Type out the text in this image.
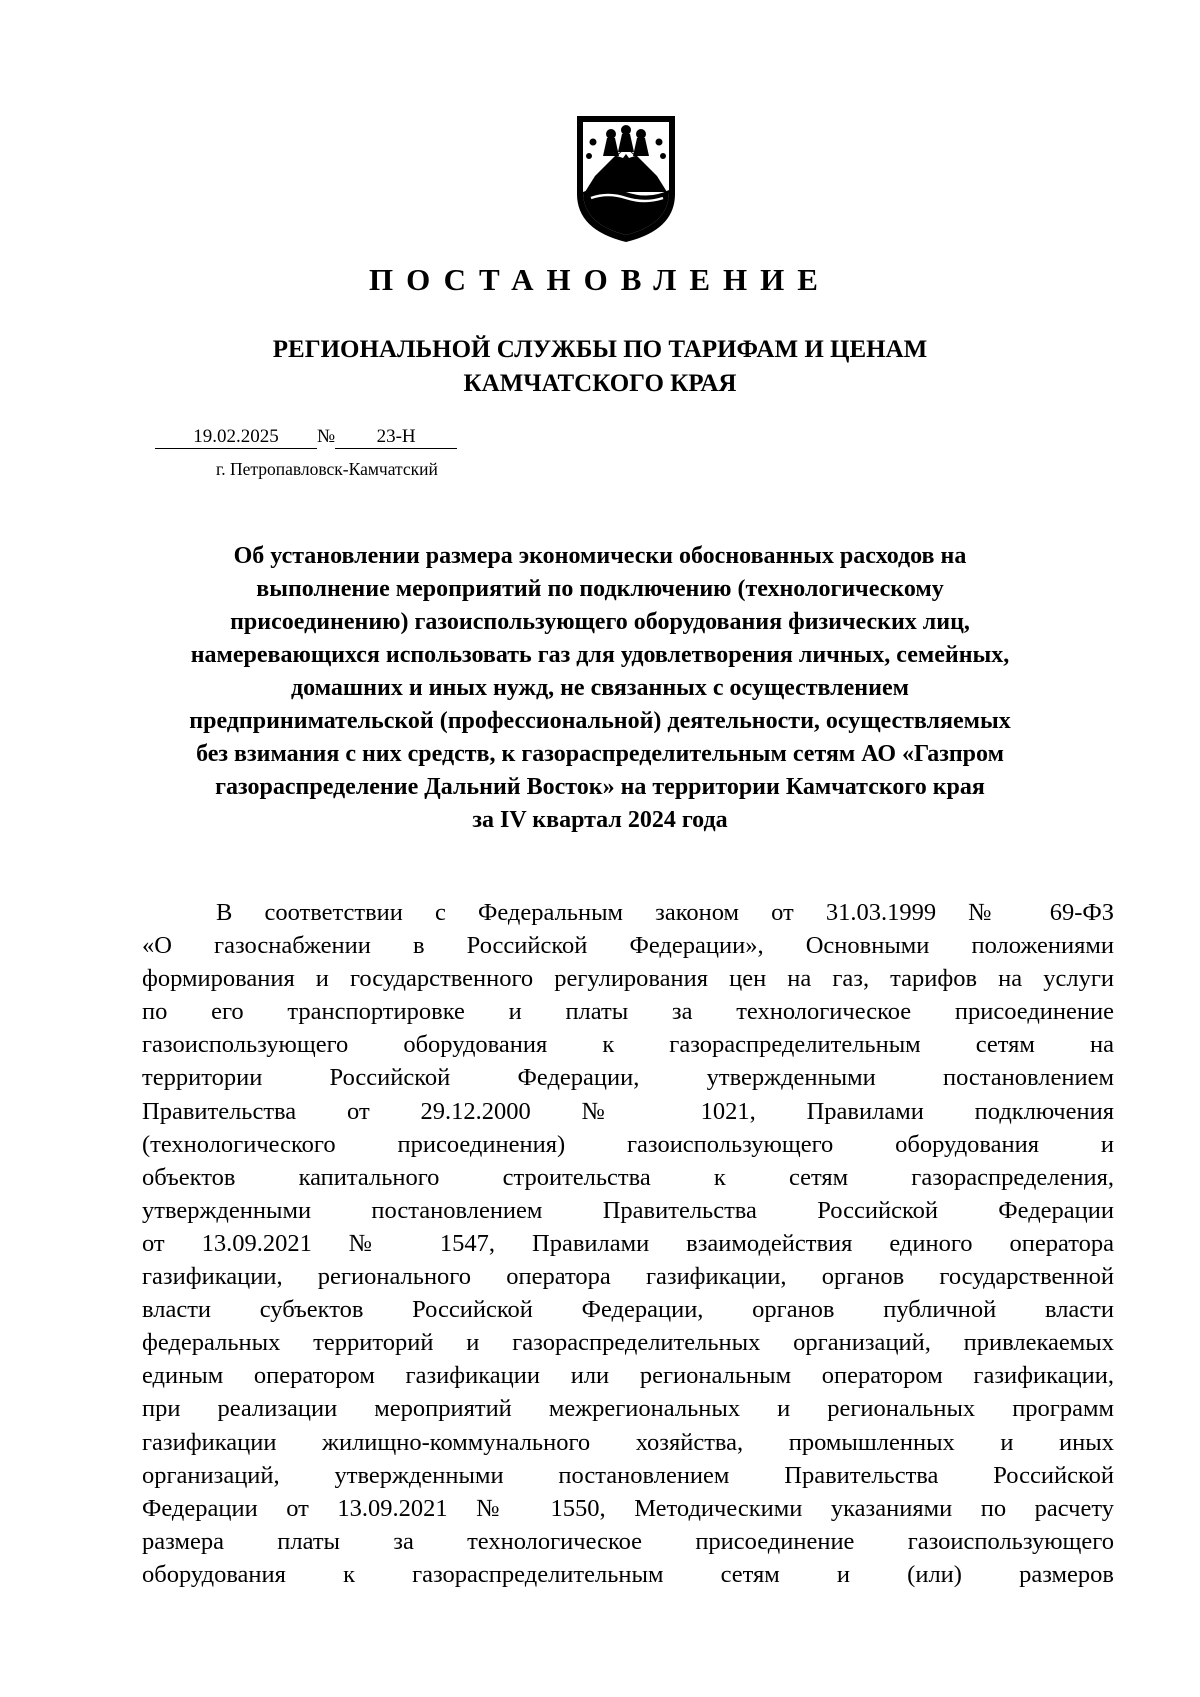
ПОСТАНОВЛЕНИЕ
РЕГИОНАЛЬНОЙ СЛУЖБЫ ПО ТАРИФАМ И ЦЕНАМ
КАМЧАТСКОГО КРАЯ
19.02.2025 № 23-Н
г. Петропавловск-Камчатский
Об установлении размера экономически обоснованных расходов на
выполнение мероприятий по подключению (технологическому
присоединению) газоиспользующего оборудования физических лиц,
намеревающихся использовать газ для удовлетворения личных, семейных,
домашних и иных нужд, не связанных с осуществлением
предпринимательской (профессиональной) деятельности, осуществляемых
без взимания с них средств, к газораспределительным сетям АО «Газпром
газораспределение Дальний Восток» на территории Камчатского края
за IV квартал 2024 года
В соответствии с Федеральным законом от 31.03.1999 № 69-ФЗ
«О газоснабжении в Российской Федерации», Основными положениями
формирования и государственного регулирования цен на газ, тарифов на услуги
по его транспортировке и платы за технологическое присоединение
газоиспользующего оборудования к газораспределительным сетям на
территории Российской Федерации, утвержденными постановлением
Правительства от 29.12.2000 № 1021, Правилами подключения
(технологического присоединения) газоиспользующего оборудования и
объектов капитального строительства к сетям газораспределения,
утвержденными постановлением Правительства Российской Федерации
от 13.09.2021 № 1547, Правилами взаимодействия единого оператора
газификации, регионального оператора газификации, органов государственной
власти субъектов Российской Федерации, органов публичной власти
федеральных территорий и газораспределительных организаций, привлекаемых
единым оператором газификации или региональным оператором газификации,
при реализации мероприятий межрегиональных и региональных программ
газификации жилищно-коммунального хозяйства, промышленных и иных
организаций, утвержденными постановлением Правительства Российской
Федерации от 13.09.2021 № 1550, Методическими указаниями по расчету
размера платы за технологическое присоединение газоиспользующего
оборудования к газораспределительным сетям и (или) размеров
